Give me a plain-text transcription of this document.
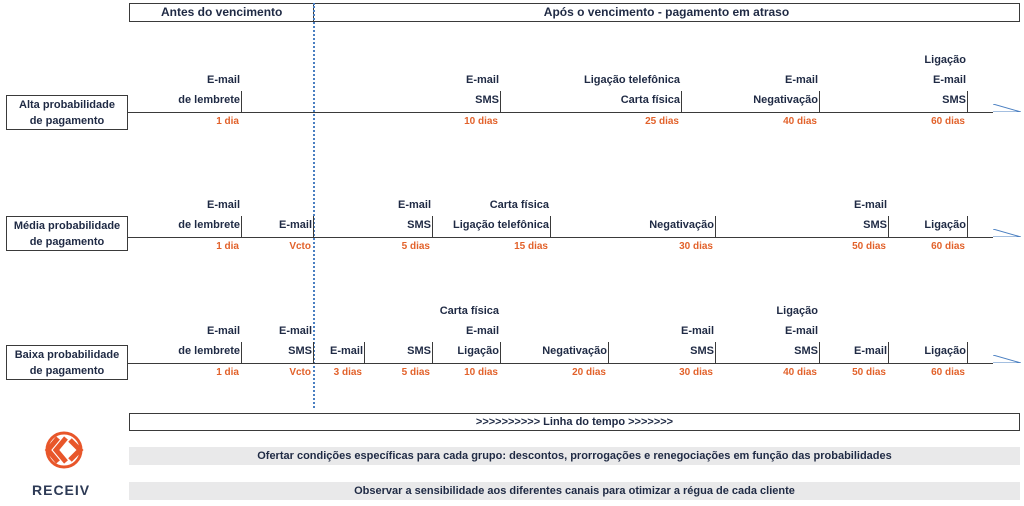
Antes do vencimento	Após o vencimento - pagamento em atraso
Alta probabilidade
de pagamento
E-mail
de lembrete
1 dia
E-mail
SMS
10 dias
Ligação telefônica
Carta física
25 dias
E-mail
Negativação
40 dias
Ligação
E-mail
SMS
60 dias
Média probabilidade
de pagamento
E-mail
de lembrete
1 dia
E-mail
Vcto
E-mail
SMS
5 dias
Carta física
Ligação telefônica
15 dias
Negativação
30 dias
E-mail
SMS
50 dias
Ligação
60 dias
Baixa probabilidade
de pagamento
E-mail
de lembrete
1 dia
E-mail
SMS
Vcto
E-mail
3 dias
SMS
5 dias
Carta física
E-mail
Ligação
10 dias
Negativação
20 dias
E-mail
SMS
30 dias
Ligação
E-mail
SMS
40 dias
E-mail
50 dias
Ligação
60 dias
>>>>>>>>>> Linha do tempo >>>>>>>
Ofertar condições específicas para cada grupo: descontos, prorrogações e renegociações em função das probabilidades
Observar a sensibilidade aos diferentes canais para otimizar a régua de cada cliente
RECEIV
